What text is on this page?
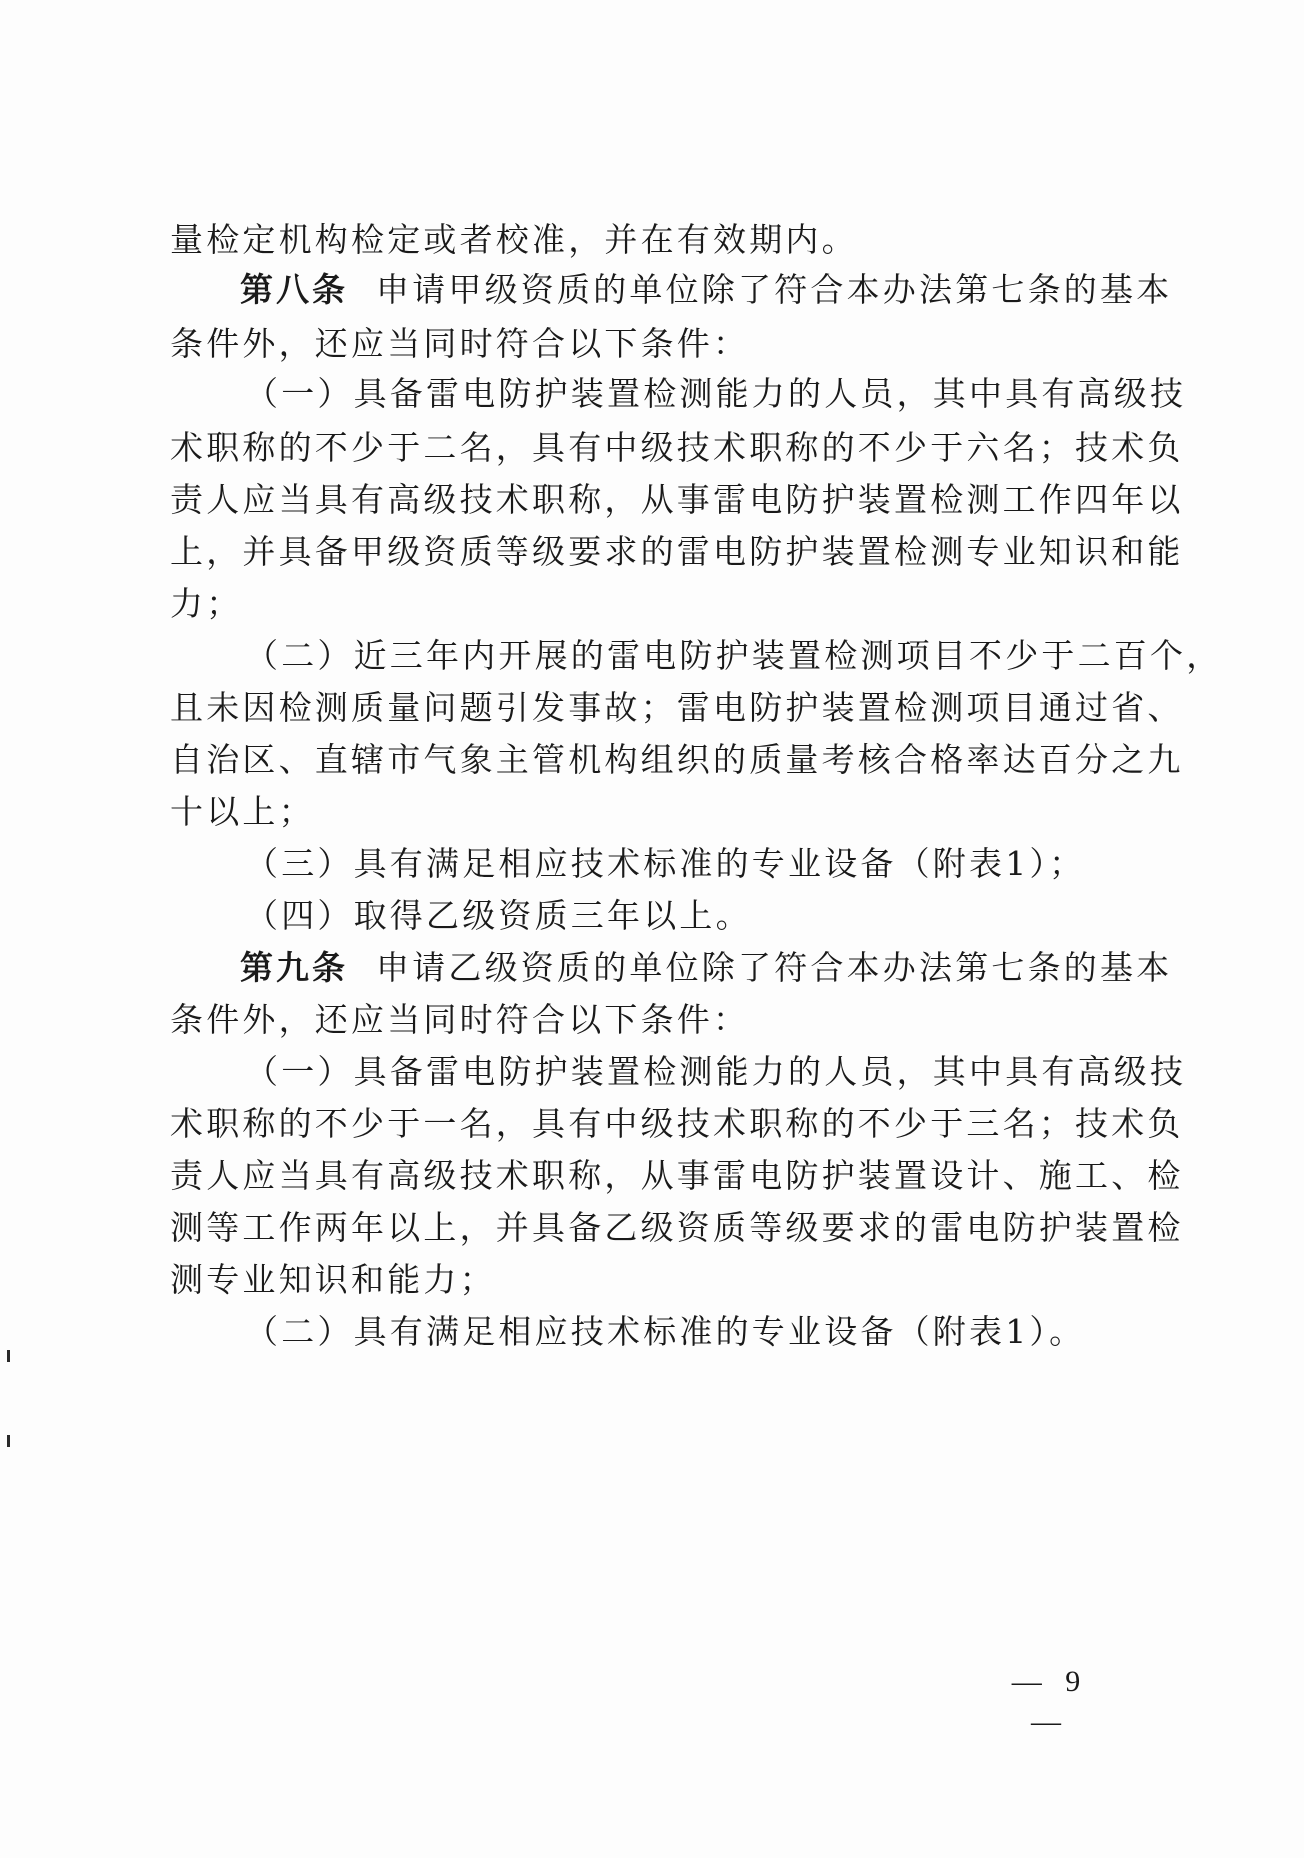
量检定机构检定或者校准，并在有效期内。
第八条 申请甲级资质的单位除了符合本办法第七条的基本
条件外，还应当同时符合以下条件：
（一）具备雷电防护装置检测能力的人员，其中具有高级技
术职称的不少于二名，具有中级技术职称的不少于六名；技术负
责人应当具有高级技术职称，从事雷电防护装置检测工作四年以
上，并具备甲级资质等级要求的雷电防护装置检测专业知识和能
力；
（二）近三年内开展的雷电防护装置检测项目不少于二百个，
且未因检测质量问题引发事故；雷电防护装置检测项目通过省、
自治区、直辖市气象主管机构组织的质量考核合格率达百分之九
十以上；
（三）具有满足相应技术标准的专业设备（附表1）；
（四）取得乙级资质三年以上。
第九条 申请乙级资质的单位除了符合本办法第七条的基本
条件外，还应当同时符合以下条件：
（一）具备雷电防护装置检测能力的人员，其中具有高级技
术职称的不少于一名，具有中级技术职称的不少于三名；技术负
责人应当具有高级技术职称，从事雷电防护装置设计、施工、检
测等工作两年以上，并具备乙级资质等级要求的雷电防护装置检
测专业知识和能力；
（二）具有满足相应技术标准的专业设备（附表1）。
— 9 —
